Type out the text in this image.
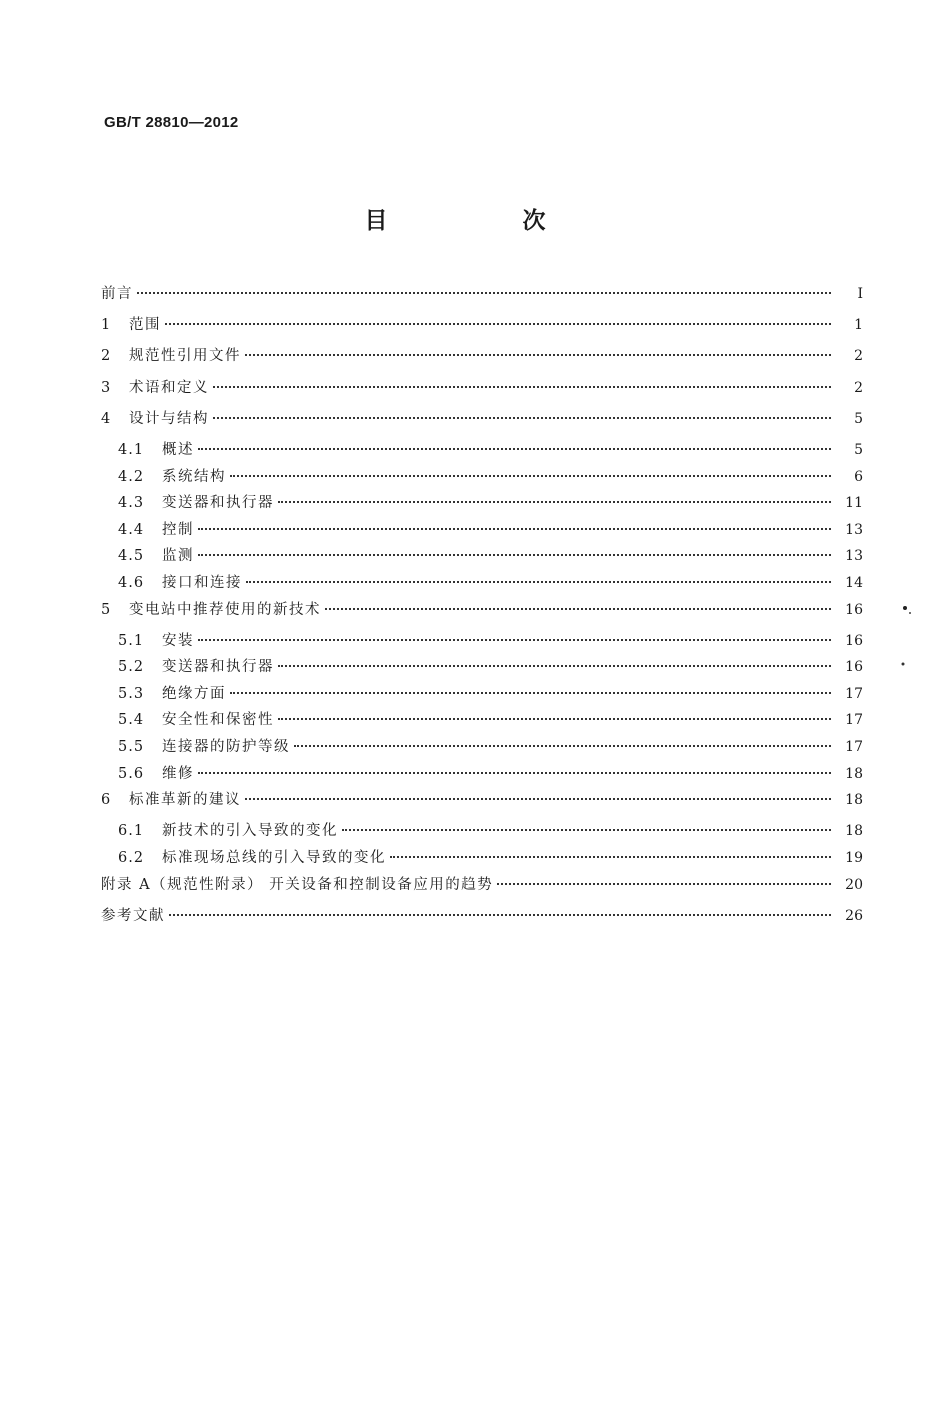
GB/T 28810—2012
目　次
前言	Ⅰ
1	范围	1
2	规范性引用文件	2
3	术语和定义	2
4	设计与结构	5
4.1	概述	5
4.2	系统结构	6
4.3	变送器和执行器	11
4.4	控制	13
4.5	监测	13
4.6	接口和连接	14
5	变电站中推荐使用的新技术	16
5.1	安装	16
5.2	变送器和执行器	16
5.3	绝缘方面	17
5.4	安全性和保密性	17
5.5	连接器的防护等级	17
5.6	维修	18
6	标准革新的建议	18
6.1	新技术的引入导致的变化	18
6.2	标准现场总线的引入导致的变化	19
附录 A（规范性附录） 开关设备和控制设备应用的趋势	20
参考文献	26
